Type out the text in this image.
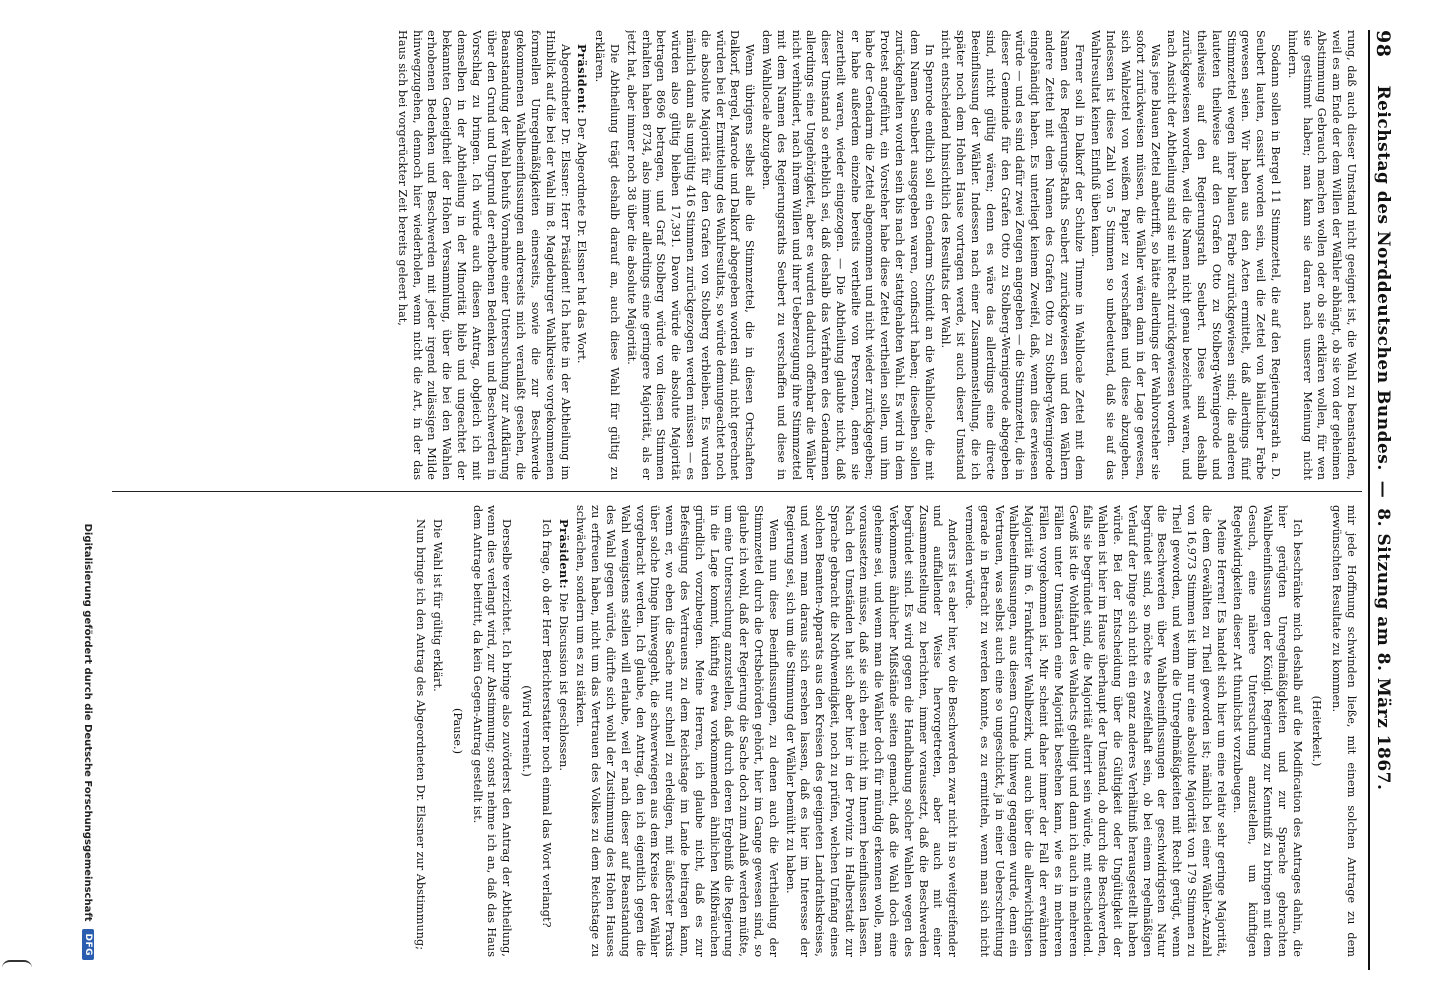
98
Reichstag des Norddeutschen Bundes.
—
8. Sitzung am 8. März 1867.

rung, daß auch dieser Umstand nicht geeignet ist, die Wahl zu beanstanden, weil es am Ende der dem Willen der Wähler abhängt, ob sie von der geheimen Abstimmung Gebrauch machen wollen oder ob sie erklären wollen, für wen sie gestimmt haben; man kann sie daran nach unserer Meinung nicht hindern.

Sodann sollen in Bergel 11 Stimmzettel, die auf den Regierungsrath a. D. Seubert lauten, cassirt worden sein, weil die Zettel von bläulicher Farbe gewesen seien. Wir haben aus den Acten ermittelt, daß allerdings fünf Stimmzettel wegen ihrer blauen Farbe zurückgewiesen sind; die anderen lauteten theilweise auf den Grafen Otto zu Stolberg-Wernigerode und theilweise auf den Regierungsrath Seubert. Diese sind deshalb zurückgewiesen worden, weil die Namen nicht genau bezeichnet waren, und nach Ansicht der Abtheilung sind sie mit Recht zurückgewiesen worden.

Was jene blauen Zettel anbetrifft, so hätte allerdings der Wahlvorsteher sie sofort zurückweisen müssen, die Wähler wären dann in der Lage gewesen, sich Wahlzettel von weißem Papier zu verschaffen und diese abzugeben. Indessen ist diese Zahl von 5 Stimmen so unbedeutend, daß sie auf das Wahlresultat keinen Einfluß üben kann.

Ferner soll in Dalkorf der Schulze Timme in Wahllocale Zettel mit dem Namen des Regierungs-Raths Seubert zurückgewiesen und den Wählern andere Zettel mit dem Namen des Grafen Otto zu Stolberg-Wernigerode eingehändigt haben. Es unterliegt keinem Zweifel, daß, wenn dies erwiesen würde — und es sind dafür zwei Zeugen angegeben — die Stimmzettel, die in dieser Gemeinde für den Grafen Otto zu Stolberg-Wernigerode abgegeben sind, nicht gültig wären; denn es wäre das allerdings eine directe Beeinflussung der Wähler. Indessen nach einer Zusammenstellung, die ich später noch dem Hohen Hause vortragen werde, ist auch dieser Umstand nicht entscheidend hinsichtlich des Resultats der Wahl.

In Spenrode endlich soll ein Gendarm Schmidt an die Wahllocale, die mit dem Namen Seubert ausgegeben waren, confiscirt haben; dieselben sollen zurückgehalten worden sein bis nach der stattgehabten Wahl. Es wird in dem Protest angeführt, ein Vorsteher habe diese Zettel vertheilen sollen, um ihm habe der Gendarm die Zettel abgenommen und nicht wieder zurückgegeben; er habe außerdem einzelne bereits vertheilte von Personen, denen sie zuertheilt waren, wieder eingezogen. — Die Abtheilung glaubte nicht, daß dieser Umstand so erheblich sei, daß deshalb das Verfahren des Gendarmen allerdings eine Ungehörigkeit, aber es wurden dadurch offenbar die Wähler nicht verhindert, nach ihrem Willen und ihrer Ueberzeugung ihre Stimmzettel mit dem Namen des Regierungsraths Seubert zu verschaffen und diese in dem Wahllocale abzugeben.

Wenn übrigens selbst alle die Stimmzettel, die in diesen Ortschaften Dalkorf, Bergel, Marode und Dalkorf abgegeben worden sind, nicht gerechnet würden bei der Ermittelung des Wahlresultats, so würde demungeachtet noch die absolute Majorität für den Grafen von Stolberg verbleiben. Es wurden nämlich dann als ungültig 416 Stimmen zurückgezogen werden müssen — es würden also gültig bleiben 17,391. Davon würde die absolute Majorität betragen 8696 betragen, und Graf Stolberg würde von diesen Stimmen erhalten haben 8734, also immer allerdings eine geringere Majorität, als er jetzt hat, aber immer noch 38 über die absolute Majorität.

Die Abtheilung trägt deshalb darauf an, auch diese Wahl für gültig zu erklären.

Präsident: Der Abgeordnete Dr. Elssner hat das Wort.

Abgeordneter Dr. Elssner: Herr Präsident! Ich hatte in der Abtheilung im Hinblick auf die bei der Wahl im 8. Magdeburger Wahlkreise vorgekommenen formellen Unregelmäßigkeiten einerseits, sowie die zur Beschwerde gekommenen Wahlbeeinflussungen andrerseits mich veranlaßt gesehen, die Beanstandung der Wahl behufs Vornahme einer Untersuchung zur Aufklärung über den Grund und Ungrund der erhobenen Bedenken und Beschwerden in Vorschlag zu bringen. Ich würde auch diesen Antrag, obgleich ich mit demselben in der Abtheilung in der Minorität blieb und ungeachtet der bekannten Geneigtheit der Hohen Versammlung, über die bei den Wahlen erhobenen Bedenken und Beschwerden mit jeder irgend zulässigen Milde hinwegzugehen, dennoch hier wiederholen, wenn nicht die Art, in der das Haus sich bei vorgerückter Zeit bereits geleert hat,

mir jede Hoffnung schwinden ließe, mit einem solchen Antrage zu dem gewünschten Resultate zu kommen.

(Heiterkeit.)

Ich beschränke mich deshalb auf die Modification des Antrages dahin, die hier gerügten Unregelmäßigkeiten und zur Sprache gebrachten Wahlbeeinflussungen der Königl. Regierung zur Kenntniß zu bringen mit dem Gesuch, eine nähere Untersuchung anzustellen, um künftigen Regelwidrigkeiten dieser Art thunlichst vorzubeugen.

Meine Herren! Es handelt sich hier um eine relativ sehr geringe Majorität, die dem Gewählten zu Theil geworden ist; nämlich bei einer Wähler-Anzahl von 16,973 Stimmen ist ihm nur eine absolute Majorität von 179 Stimmen zu Theil geworden, und wenn die Unregelmäßigkeiten mit Recht gerügt, wenn die Beschwerden über Wahlbeeinflussungen der geschwidrigsten Natur begründet sind, so möchte es zweifelhaft sein, ob bei einem regelmäßigen Verlauf der Dinge sich nicht ein ganz anderes Verhältniß herausgestellt haben würde. Bei der Entscheidung über die Gültigkeit oder Ungültigkeit der Wahlen ist hier im Hause überhaupt der Umstand, ob durch die Beschwerden, falls sie begründet sind, die Majorität alterirt sein würde, mit entscheidend. Gewiß ist die Wohlfahrt des Wahlacts gebilligt und dann ich auch in mehreren Fällen unter Umständen eine Majorität bestehen kann, wie es in mehreren Fällen vorgekommen ist. Mir scheint daher immer der Fall der erwähnten Majorität im 6. Frankfurter Wahlbezirk, und auch über die allerwichtigsten Wahlbeeinflussungen, aus diesem Grunde hinweg gegangen wurde, denn ein Vertrauen, was selbst auch eine so ungeschickt, ja in einer Ueberschreitung gerade in Betracht zu werden konnte, es zu ermitteln, wenn man sich nicht vermeiden würde.

Anders ist es aber hier, wo die Beschwerden zwar nicht in so weitgreifender und auffallender Weise hervorgetreten, aber auch mit einer Zusammenstellung zu berichten, immer voraussetzt, daß die Beschwerden begründet sind. Es wird gegen die Handhabung solcher Wahlen wegen des Verkommens ähnlicher Mißstände seiten gemacht, daß die Wahl doch eine geheime sei, und wenn man die Wähler doch für mündig erkennen wolle, man voraussetzen müsse, daß sie sich eben nicht im Innern beeinflussen lassen. Nach den Umständen hat sich aber hier in der Provinz in Halberstadt zur Sprache gebracht die Nothwendigkeit, noch zu prüfen, welchen Umfang eines solchen Beamten-Apparats aus den Kreisen des geeigneten Landrathskreises, und wenn man daraus sich ersehen lassen, daß es hier im Interesse der Regierung sei, sich um die Stimmung der Wähler bemüht zu haben.

Wenn nun diese Beeinflussungen, zu denen auch die Vertheilung der Stimmzettel durch die Ortsbehörden gehört, hier im Gange gewesen sind, so glaube ich wohl, daß der Regierung die Sache doch zum Anlaß werden müßte, um eine Untersuchung anzustellen, daß durch deren Ergebniß die Regierung in die Lage kommt, künftig etwa vorkommenden ähnlichen Mißbräuchen gründlich vorzubeugen. Meine Herren, ich glaube nicht, daß es zur Befestigung des Vertrauens zu dem Reichstage im Lande beitragen kann, wenn er, wo eben die Sache nur schnell zu erledigen, mit äußerster Praxis über solche Dinge hinweggeht, die schwerwiegen aus dem Kreise der Wähler vorgebracht werden. Ich glaube, den Antrag, den ich eigentlich gegen die Wahl wenigstens stellen will erlaube, weil er nach dieser auf Beanstandung des Wahl gegen würde, dürfte sich wohl der Zustimmung des Hohen Hauses zu erfreuen haben, nicht um das Vertrauen des Volkes zu dem Reichstage zu schwächen, sondern um es zu stärken.

Präsident: Die Discussion ist geschlossen.

Ich frage, ob der Herr Berichterstatter noch einmal das Wort verlangt?

(Wird verneint.)

Derselbe verzichtet. Ich bringe also zuvörderst den Antrag der Abtheilung, wenn dies verlangt wird, zur Abstimmung; sonst nehme ich an, daß das Haus dem Antrage beitritt, da kein Gegen-Antrag gestellt ist.

(Pause.)

Die Wahl ist für gültig erklärt.

Nun bringe ich den Antrag des Abgeordneten Dr. Elssner zur Abstimmung;

Digitalisierung gefördert durch die Deutsche Forschungsgemeinschaft
DFG
